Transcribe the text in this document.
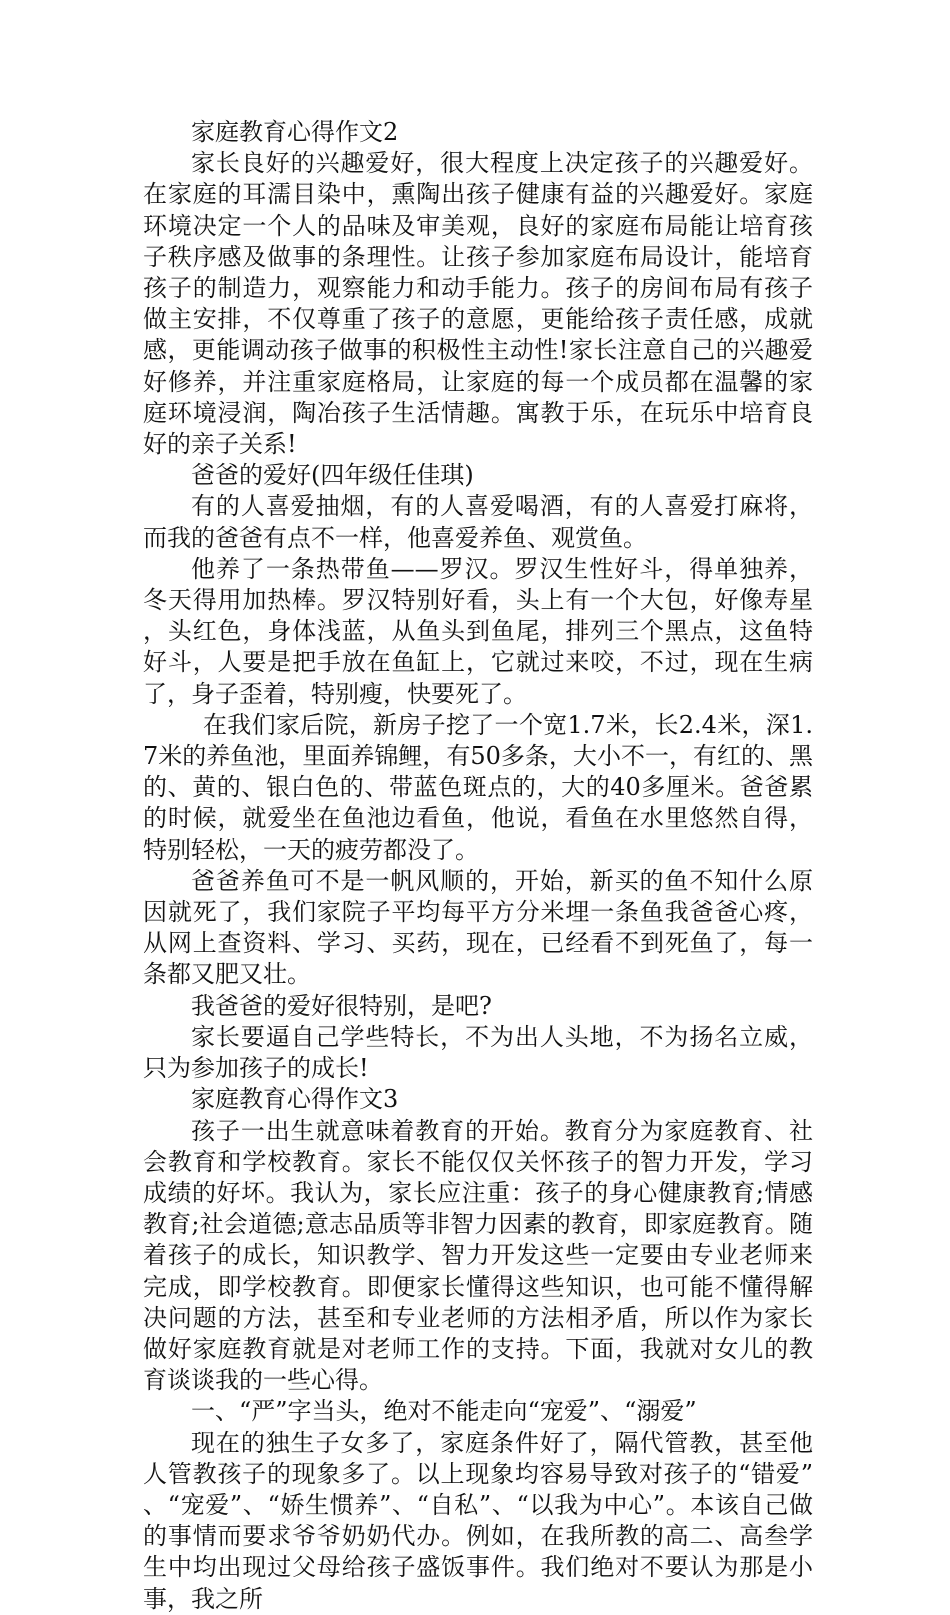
家庭教育心得作文2

家长良好的兴趣爱好，很大程度上决定孩子的兴趣爱好。在家庭的耳濡目染中，熏陶出孩子健康有益的兴趣爱好。家庭环境决定一个人的品味及审美观，良好的家庭布局能让培育孩子秩序感及做事的条理性。让孩子参加家庭布局设计，能培育孩子的制造力，观察能力和动手能力。孩子的房间布局有孩子做主安排，不仅尊重了孩子的意愿，更能给孩子责任感，成就感，更能调动孩子做事的积极性主动性!家长注意自己的兴趣爱好修养，并注重家庭格局，让家庭的每一个成员都在温馨的家庭环境浸润，陶冶孩子生活情趣。寓教于乐，在玩乐中培育良好的亲子关系!

爸爸的爱好(四年级任佳琪)

有的人喜爱抽烟，有的人喜爱喝酒，有的人喜爱打麻将，而我的爸爸有点不一样，他喜爱养鱼、观赏鱼。

他养了一条热带鱼——罗汉。罗汉生性好斗，得单独养，冬天得用加热棒。罗汉特别好看，头上有一个大包，好像寿星，头红色，身体浅蓝，从鱼头到鱼尾，排列三个黑点，这鱼特好斗，人要是把手放在鱼缸上，它就过来咬，不过，现在生病了，身子歪着，特别瘦，快要死了。

在我们家后院，新房子挖了一个宽1.7米，长2.4米，深1.7米的养鱼池，里面养锦鲤，有50多条，大小不一，有红的、黑的、黄的、银白色的、带蓝色斑点的，大的40多厘米。爸爸累的时候，就爱坐在鱼池边看鱼，他说，看鱼在水里悠然自得，特别轻松，一天的疲劳都没了。

爸爸养鱼可不是一帆风顺的，开始，新买的鱼不知什么原因就死了，我们家院子平均每平方分米埋一条鱼我爸爸心疼，从网上查资料、学习、买药，现在，已经看不到死鱼了，每一条都又肥又壮。

我爸爸的爱好很特别，是吧?

家长要逼自己学些特长，不为出人头地，不为扬名立威，只为参加孩子的成长!

家庭教育心得作文3

孩子一出生就意味着教育的开始。教育分为家庭教育、社会教育和学校教育。家长不能仅仅关怀孩子的智力开发，学习成绩的好坏。我认为，家长应注重：孩子的身心健康教育;情感教育;社会道德;意志品质等非智力因素的教育，即家庭教育。随着孩子的成长，知识教学、智力开发这些一定要由专业老师来完成，即学校教育。即便家长懂得这些知识，也可能不懂得解决问题的方法，甚至和专业老师的方法相矛盾，所以作为家长做好家庭教育就是对老师工作的支持。下面，我就对女儿的教育谈谈我的一些心得。

一、“严”字当头，绝对不能走向“宠爱”、“溺爱”

现在的独生子女多了，家庭条件好了，隔代管教，甚至他人管教孩子的现象多了。以上现象均容易导致对孩子的“错爱”、“宠爱”、“娇生惯养”、“自私”、“以我为中心”。本该自己做的事情而要求爷爷奶奶代办。例如，在我所教的高二、高叁学生中均出现过父母给孩子盛饭事件。我们绝对不要认为那是小事，我之所
